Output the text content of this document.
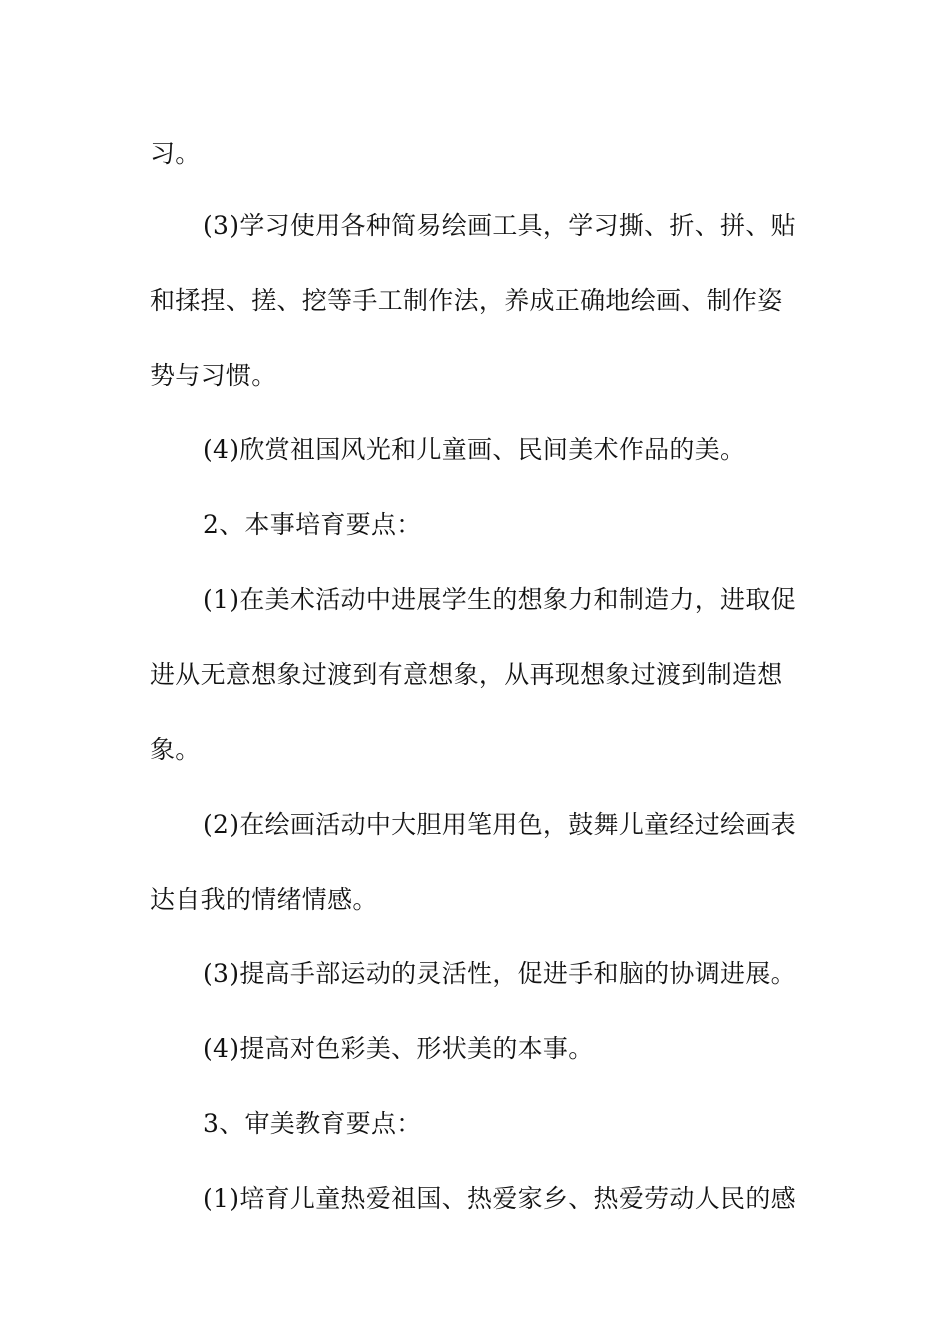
习。
(3)学习使用各种简易绘画工具，学习撕、折、拼、贴
和揉捏、搓、挖等手工制作法，养成正确地绘画、制作姿
势与习惯。
(4)欣赏祖国风光和儿童画、民间美术作品的美。
2、本事培育要点：
(1)在美术活动中进展学生的想象力和制造力，进取促
进从无意想象过渡到有意想象，从再现想象过渡到制造想
象。
(2)在绘画活动中大胆用笔用色，鼓舞儿童经过绘画表
达自我的情绪情感。
(3)提高手部运动的灵活性，促进手和脑的协调进展。
(4)提高对色彩美、形状美的本事。
3、审美教育要点：
(1)培育儿童热爱祖国、热爱家乡、热爱劳动人民的感
